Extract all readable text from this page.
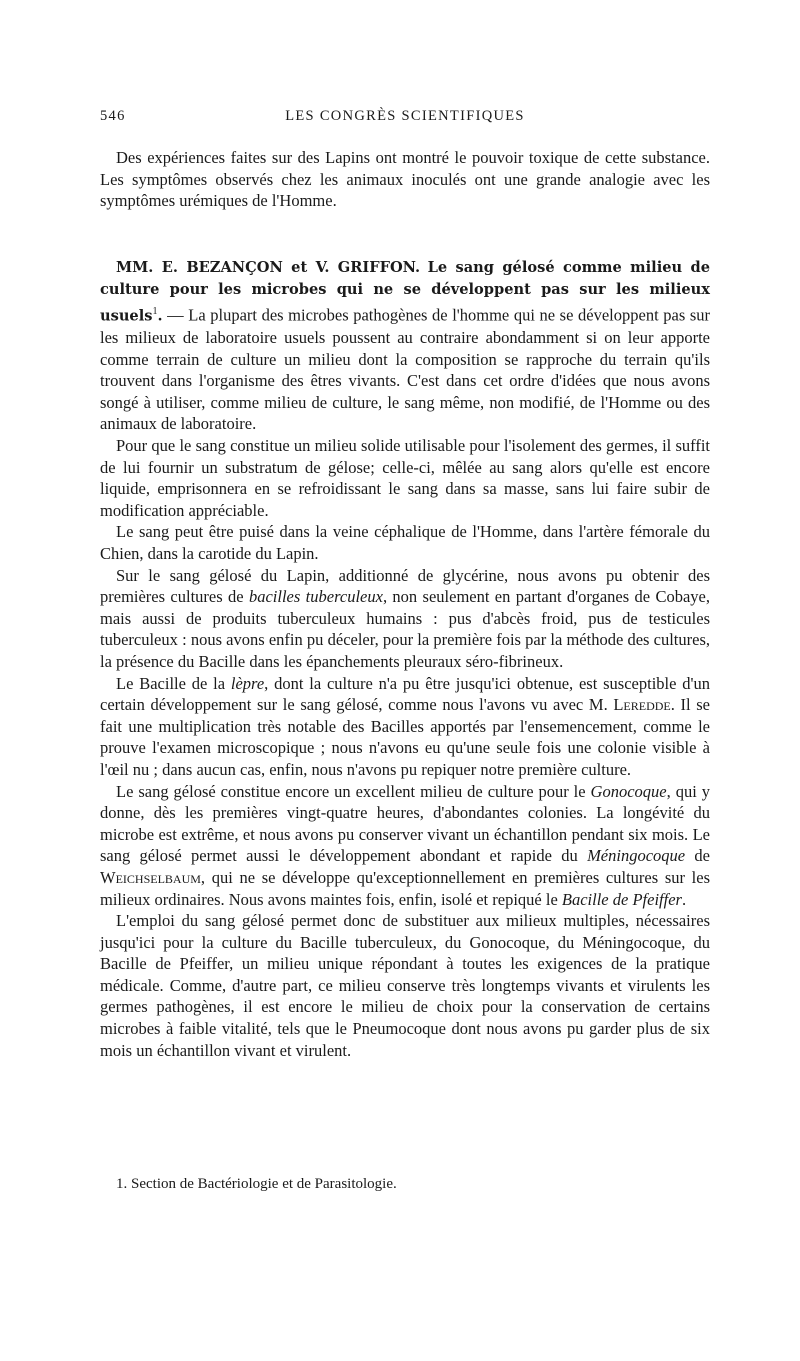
546	LES CONGRÈS SCIENTIFIQUES

Des expériences faites sur des Lapins ont montré le pouvoir toxique de cette substance. Les symptômes observés chez les animaux inoculés ont une grande analogie avec les symptômes urémiques de l'Homme.

MM. E. BEZANÇON et V. GRIFFON. Le sang gélosé comme milieu de culture pour les microbes qui ne se développent pas sur les milieux usuels$^1$. — La plupart des microbes pathogènes de l'homme qui ne se développent pas sur les milieux de laboratoire usuels poussent au contraire abondamment si on leur apporte comme terrain de culture un milieu dont la composition se rapproche du terrain qu'ils trouvent dans l'organisme des êtres vivants. C'est dans cet ordre d'idées que nous avons songé à utiliser, comme milieu de culture, le sang même, non modifié, de l'Homme ou des animaux de laboratoire.

Pour que le sang constitue un milieu solide utilisable pour l'isolement des germes, il suffit de lui fournir un substratum de gélose; celle-ci, mêlée au sang alors qu'elle est encore liquide, emprisonnera en se refroidissant le sang dans sa masse, sans lui faire subir de modification appréciable.

Le sang peut être puisé dans la veine céphalique de l'Homme, dans l'artère fémorale du Chien, dans la carotide du Lapin.

Sur le sang gélosé du Lapin, additionné de glycérine, nous avons pu obtenir des premières cultures de bacilles tuberculeux, non seulement en partant d'organes de Cobaye, mais aussi de produits tuberculeux humains : pus d'abcès froid, pus de testicules tuberculeux : nous avons enfin pu déceler, pour la première fois par la méthode des cultures, la présence du Bacille dans les épanchements pleuraux séro-fibrineux.

Le Bacille de la lèpre, dont la culture n'a pu être jusqu'ici obtenue, est susceptible d'un certain développement sur le sang gélosé, comme nous l'avons vu avec M. Leredde. Il se fait une multiplication très notable des Bacilles apportés par l'ensemencement, comme le prouve l'examen microscopique ; nous n'avons eu qu'une seule fois une colonie visible à l'œil nu ; dans aucun cas, enfin, nous n'avons pu repiquer notre première culture.

Le sang gélosé constitue encore un excellent milieu de culture pour le Gonocoque, qui y donne, dès les premières vingt-quatre heures, d'abondantes colonies. La longévité du microbe est extrême, et nous avons pu conserver vivant un échantillon pendant six mois. Le sang gélosé permet aussi le développement abondant et rapide du Méningocoque de Weichselbaum, qui ne se développe qu'exceptionnellement en premières cultures sur les milieux ordinaires. Nous avons maintes fois, enfin, isolé et repiqué le Bacille de Pfeiffer.

L'emploi du sang gélosé permet donc de substituer aux milieux multiples, nécessaires jusqu'ici pour la culture du Bacille tuberculeux, du Gonocoque, du Méningocoque, du Bacille de Pfeiffer, un milieu unique répondant à toutes les exigences de la pratique médicale. Comme, d'autre part, ce milieu conserve très longtemps vivants et virulents les germes pathogènes, il est encore le milieu de choix pour la conservation de certains microbes à faible vitalité, tels que le Pneumocoque dont nous avons pu garder plus de six mois un échantillon vivant et virulent.

1. Section de Bactériologie et de Parasitologie.
